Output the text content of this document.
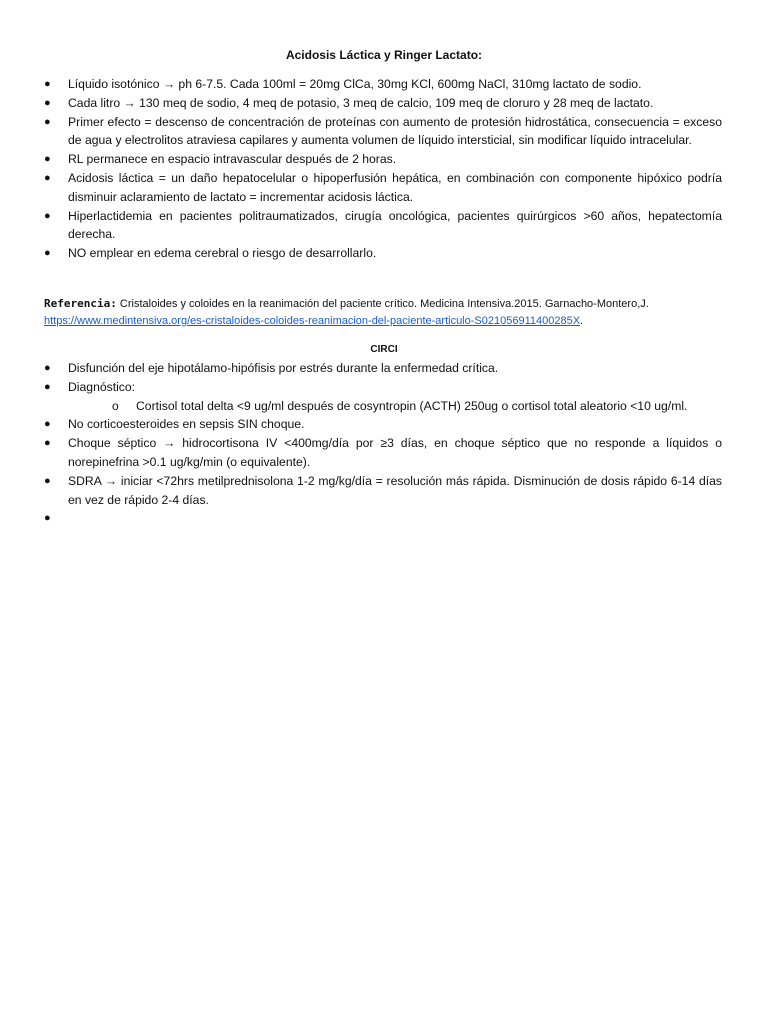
Acidosis Láctica y Ringer Lactato:
● Líquido isotónico → ph 6-7.5. Cada 100ml = 20mg ClCa, 30mg KCl, 600mg NaCl, 310mg lactato de sodio.
● Cada litro → 130 meq de sodio, 4 meq de potasio, 3 meq de calcio, 109 meq de cloruro y 28 meq de lactato.
● Primer efecto = descenso de concentración de proteínas con aumento de protesión hidrostática, consecuencia = exceso de agua y electrolitos atraviesa capilares y aumenta volumen de líquido intersticial, sin modificar líquido intracelular.
● RL permanece en espacio intravascular después de 2 horas.
● Acidosis láctica = un daño hepatocelular o hipoperfusión hepática, en combinación con componente hipóxico podría disminuir aclaramiento de lactato = incrementar acidosis láctica.
● Hiperlactidemia en pacientes politraumatizados, cirugía oncológica, pacientes quirúrgicos >60 años, hepatectomía derecha.
● NO emplear en edema cerebral o riesgo de desarrollarlo.
Referencia: Cristaloides y coloides en la reanimación del paciente crítico. Medicina Intensiva.2015. Garnacho-Montero,J.
https://www.medintensiva.org/es-cristaloides-coloides-reanimacion-del-paciente-articulo-S021056911400285X.
CIRCI
● Disfunción del eje hipotálamo-hipófisis por estrés durante la enfermedad crítica.
● Diagnóstico:
o Cortisol total delta <9 ug/ml después de cosyntropin (ACTH) 250ug o cortisol total aleatorio <10 ug/ml.
● No corticoesteroides en sepsis SIN choque.
● Choque séptico → hidrocortisona IV <400mg/día por ≥3 días, en choque séptico que no responde a líquidos o norepinefrina >0.1 ug/kg/min (o equivalente).
● SDRA → iniciar <72hrs metilprednisolona 1-2 mg/kg/día = resolución más rápida. Disminución de dosis rápido 6-14 días en vez de rápido 2-4 días.
●
